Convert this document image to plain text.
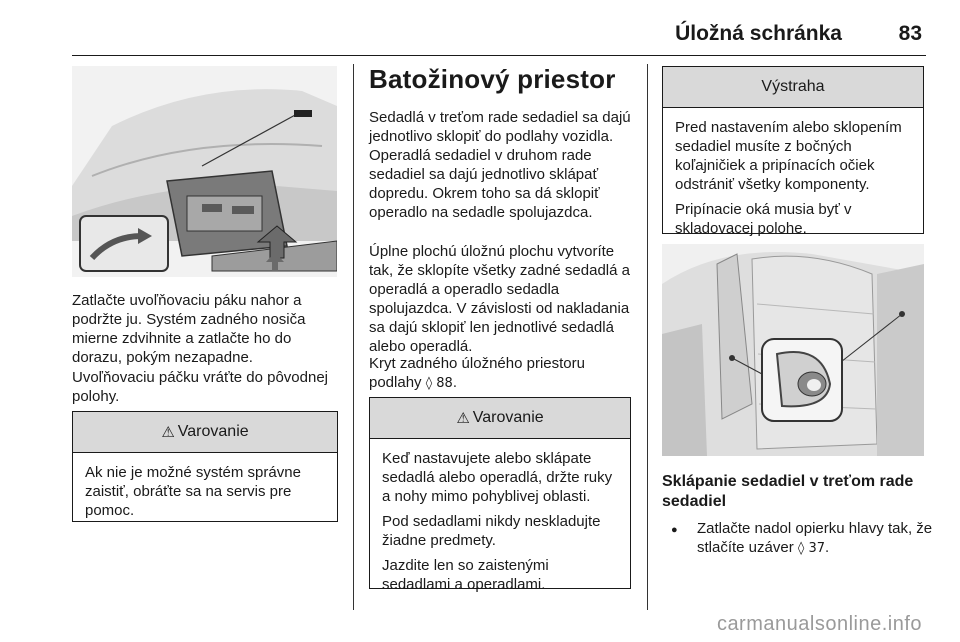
Úložná schránka	83

Zatlačte uvoľňovaciu páku nahor a podržte ju. Systém zadného nosiča mierne zdvihnite a zatlačte ho do dorazu, pokým nezapadne.

Uvoľňovaciu páčku vráťte do pôvodnej polohy.

⚠ Varovanie

Ak nie je možné systém správne zaistiť, obráťte sa na servis pre pomoc.

Batožinový priestor

Sedadlá v treťom rade sedadiel sa dajú jednotlivo sklopiť do podlahy vozidla. Operadlá sedadiel v druhom rade sedadiel sa dajú jednotlivo sklápať dopredu. Okrem toho sa dá sklopiť operadlo na sedadle spolujazdca.

Úplne plochú úložnú plochu vytvoríte tak, že sklopíte všetky zadné sedadlá a operadlá a operadlo sedadla spolujazdca. V závislosti od nakladania sa dajú sklopiť len jednotlivé sedadlá alebo operadlá.

Kryt zadného úložného priestoru podlahy ◊ 88.

⚠ Varovanie

Keď nastavujete alebo sklápate sedadlá alebo operadlá, držte ruky a nohy mimo pohyblivej oblasti.

Pod sedadlami nikdy neskladujte žiadne predmety.

Jazdite len so zaistenými sedadlami a operadlami.

Výstraha

Pred nastavením alebo sklopením sedadiel musíte z bočných koľajničiek a pripínacích očiek odstrániť všetky komponenty.

Pripínacie oká musia byť v skladovacej polohe.

Sklápanie sedadiel v treťom rade sedadiel
● Zatlačte nadol opierku hlavy tak, že stlačíte uzáver ◊ 37.
carmanualsonline.info
